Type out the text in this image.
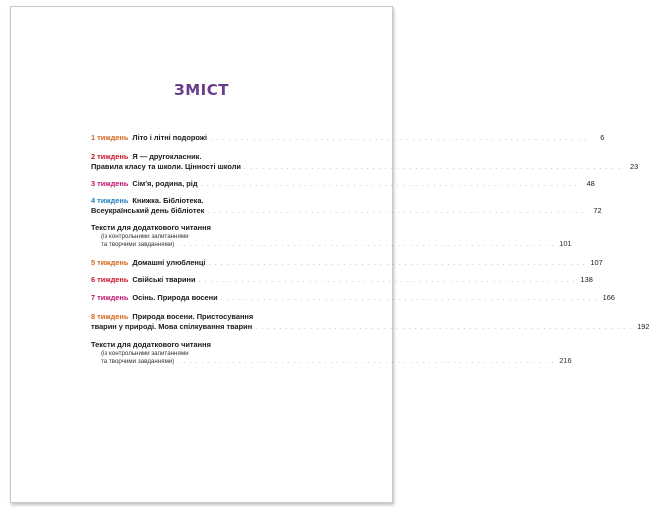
ЗМІСТ
1 тиждень Літо і літні подорожі . . . . . . . . . . . . . . . . . . . . . . . . . . . . . . . . . . . . . . . . . . . . . . . . . . . . . . . . . . . . . .	6
2 тиждень Я — другокласник.
Правила класу та школи. Цінності школи . . . . . . . . . . . . . . . . . . . . . . . . . . . . . . . . . . . . . . . . . . . . . . . . . . . . . . . . . . . . . .	23
3 тиждень Сім'я, родина, рід . . . . . . . . . . . . . . . . . . . . . . . . . . . . . . . . . . . . . . . . . . . . . . . . . . . . . . . . . . . . . .	48
4 тиждень Книжка. Бібліотека.
Всеукраїнський день бібліотек . . . . . . . . . . . . . . . . . . . . . . . . . . . . . . . . . . . . . . . . . . . . . . . . . . . . . . . . . . . . . .	72
Тексти для додаткового читання
(із контрольними запитаннями
та творчими завданнями) . . . . . . . . . . . . . . . . . . . . . . . . . . . . . . . . . . . . . . . . . . . . . . . . . . . . . . . . . . . . . . 101
5 тиждень Домашні улюбленці . . . . . . . . . . . . . . . . . . . . . . . . . . . . . . . . . . . . . . . . . . . . . . . . . . . . . . . . . . . . . . 107
6 тиждень Свійські тварини . . . . . . . . . . . . . . . . . . . . . . . . . . . . . . . . . . . . . . . . . . . . . . . . . . . . . . . . . . . . . . 138
7 тиждень Осінь. Природа восени . . . . . . . . . . . . . . . . . . . . . . . . . . . . . . . . . . . . . . . . . . . . . . . . . . . . . . . . . . . . . . 166
8 тиждень Природа восени. Пристосування
тварин у природі. Мова спілкування тварин . . . . . . . . . . . . . . . . . . . . . . . . . . . . . . . . . . . . . . . . . . . . . . . . . . . . . . . . . . . . . . 192
Тексти для додаткового читання
(із контрольними запитаннями
та творчими завданнями) . . . . . . . . . . . . . . . . . . . . . . . . . . . . . . . . . . . . . . . . . . . . . . . . . . . . . . . . . . . . . . 216
